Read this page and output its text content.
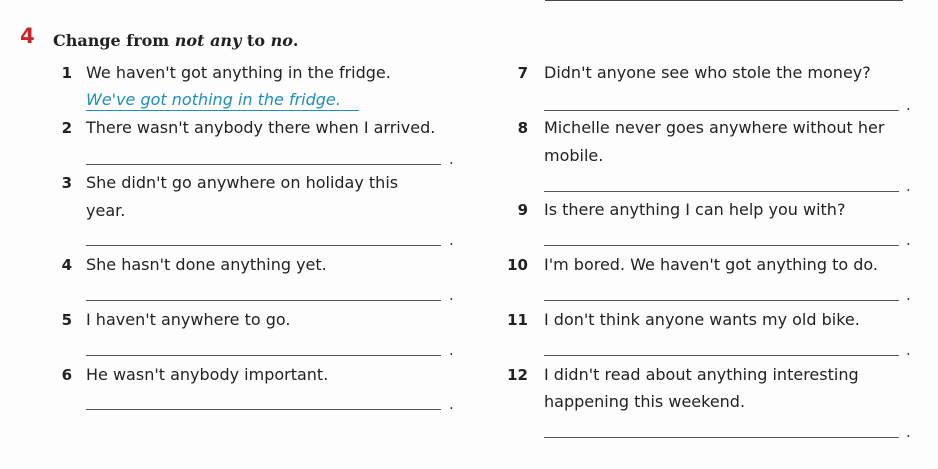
4 Change from not any to no.
1 We haven't got anything in the fridge.
We've got nothing in the fridge.
2 There wasn't anybody there when I arrived.
.
3 She didn't go anywhere on holiday this
year.
.
4 She hasn't done anything yet.
.
5 I haven't anywhere to go.
.
6 He wasn't anybody important.
.
7 Didn't anyone see who stole the money?
.
8 Michelle never goes anywhere without her
mobile.
.
9 Is there anything I can help you with?
.
10 I'm bored. We haven't got anything to do.
.
11 I don't think anyone wants my old bike.
.
12 I didn't read about anything interesting
happening this weekend.
.
